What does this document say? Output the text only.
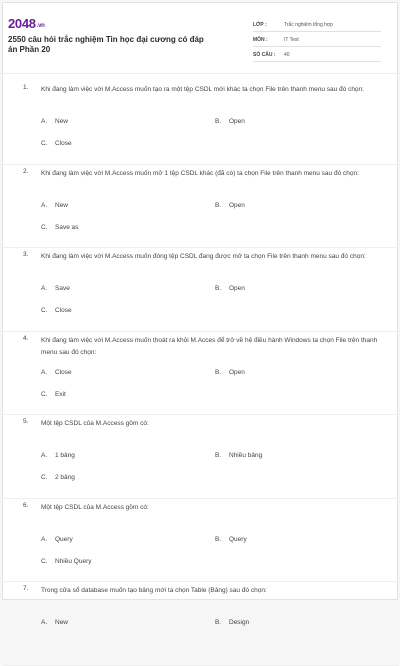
2048.vn
2550 câu hỏi trắc nghiệm Tin học đại cương có đáp án Phần 20
LỚP :	Trắc nghiệm tổng hợp
MÔN :	IT Test
SỐ CÂU :	40
1. Khi đang làm việc với M.Access muốn tạo ra một tệp CSDL mới khác ta chọn File trên thanh menu sau đó chọn:
A.	New	B.	Open
C.	Close
2. Khi đang làm việc với M.Access muốn mở 1 tệp CSDL khác (đã có) ta chọn File trên thanh menu sau đó chọn:
A.	New	B.	Open
C.	Save as
3. Khi đang làm việc với M.Access muốn đóng tệp CSDL đang được mở ta chọn File trên thanh menu sau đó chọn:
A.	Save	B.	Open
C.	Close
4. Khi đang làm việc với M.Access muốn thoát ra khỏi M.Acces để trở về hệ điều hành Windows ta chọn File trên thanh menu sau đó chọn:
A.	Close	B.	Open
C.	Exit
5. Một tệp CSDL của M.Access gồm có:
A.	1 bảng	B.	Nhiều bảng
C.	2 bảng
6. Một tệp CSDL của M.Access gồm có:
A.	Query	B.	Query
C.	Nhiều Query
7. Trong cửa sổ database muốn tạo bảng mới ta chọn Table (Bảng) sau đó chọn:
A.	New	B.	Design
